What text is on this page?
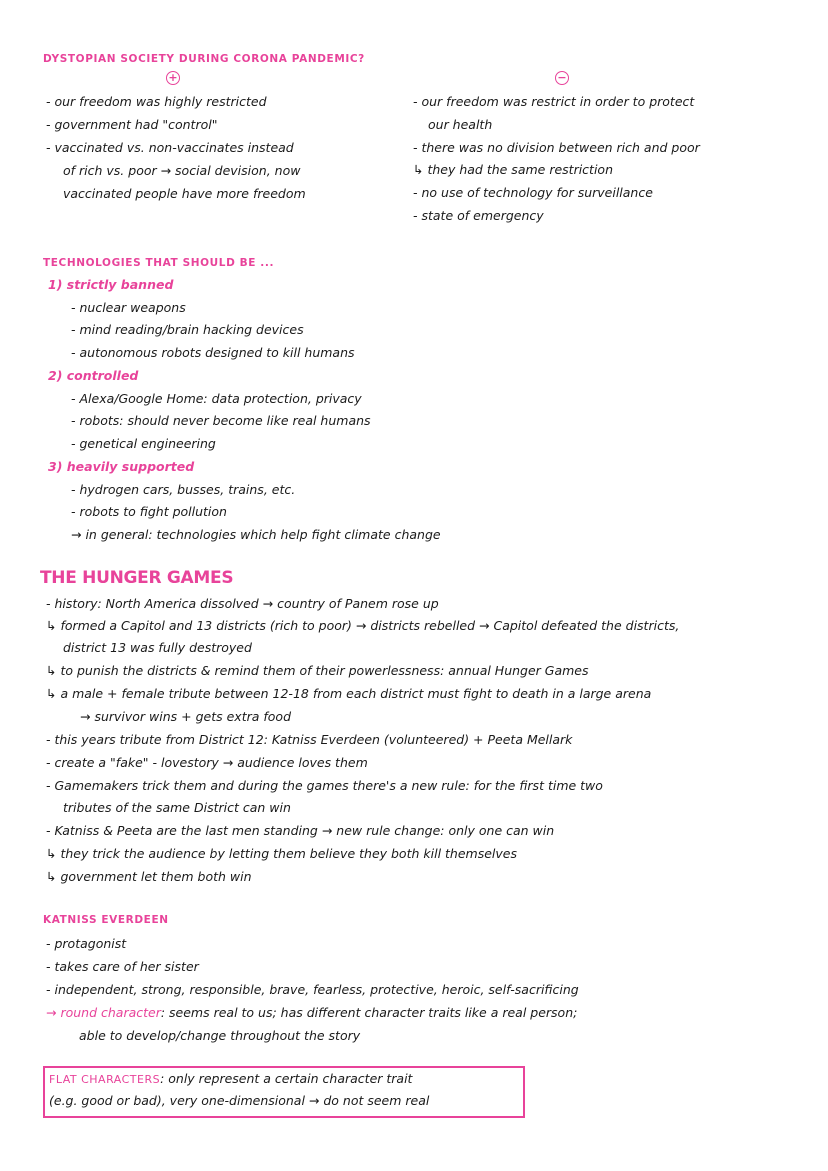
DYSTOPIAN SOCIETY DURING CORONA PANDEMIC?
+	−
- our freedom was highly restricted
- government had "control"
- vaccinated vs. non-vaccinates instead
of rich vs. poor → social devision, now
vaccinated people have more freedom
- our freedom was restrict in order to protect
our health
- there was no division between rich and poor
↳ they had the same restriction
- no use of technology for surveillance
- state of emergency
TECHNOLOGIES THAT SHOULD BE ...
1) strictly banned
- nuclear weapons
- mind reading/brain hacking devices
- autonomous robots designed to kill humans
2) controlled
- Alexa/Google Home: data protection, privacy
- robots: should never become like real humans
- genetical engineering
3) heavily supported
- hydrogen cars, busses, trains, etc.
- robots to fight pollution
→ in general: technologies which help fight climate change
THE HUNGER GAMES
- history: North America dissolved → country of Panem rose up
↳ formed a Capitol and 13 districts (rich to poor) → districts rebelled → Capitol defeated the districts,
district 13 was fully destroyed
↳ to punish the districts & remind them of their powerlessness: annual Hunger Games
↳ a male + female tribute between 12-18 from each district must fight to death in a large arena
→ survivor wins + gets extra food
- this years tribute from District 12: Katniss Everdeen (volunteered) + Peeta Mellark
- create a "fake" - lovestory → audience loves them
- Gamemakers trick them and during the games there's a new rule: for the first time two
tributes of the same District can win
- Katniss & Peeta are the last men standing → new rule change: only one can win
↳ they trick the audience by letting them believe they both kill themselves
↳ government let them both win
KATNISS EVERDEEN
- protagonist
- takes care of her sister
- independent, strong, responsible, brave, fearless, protective, heroic, self-sacrificing
→ round character: seems real to us; has different character traits like a real person;
able to develop/change throughout the story
FLAT CHARACTERS: only represent a certain character trait
(e.g. good or bad), very one-dimensional → do not seem real
